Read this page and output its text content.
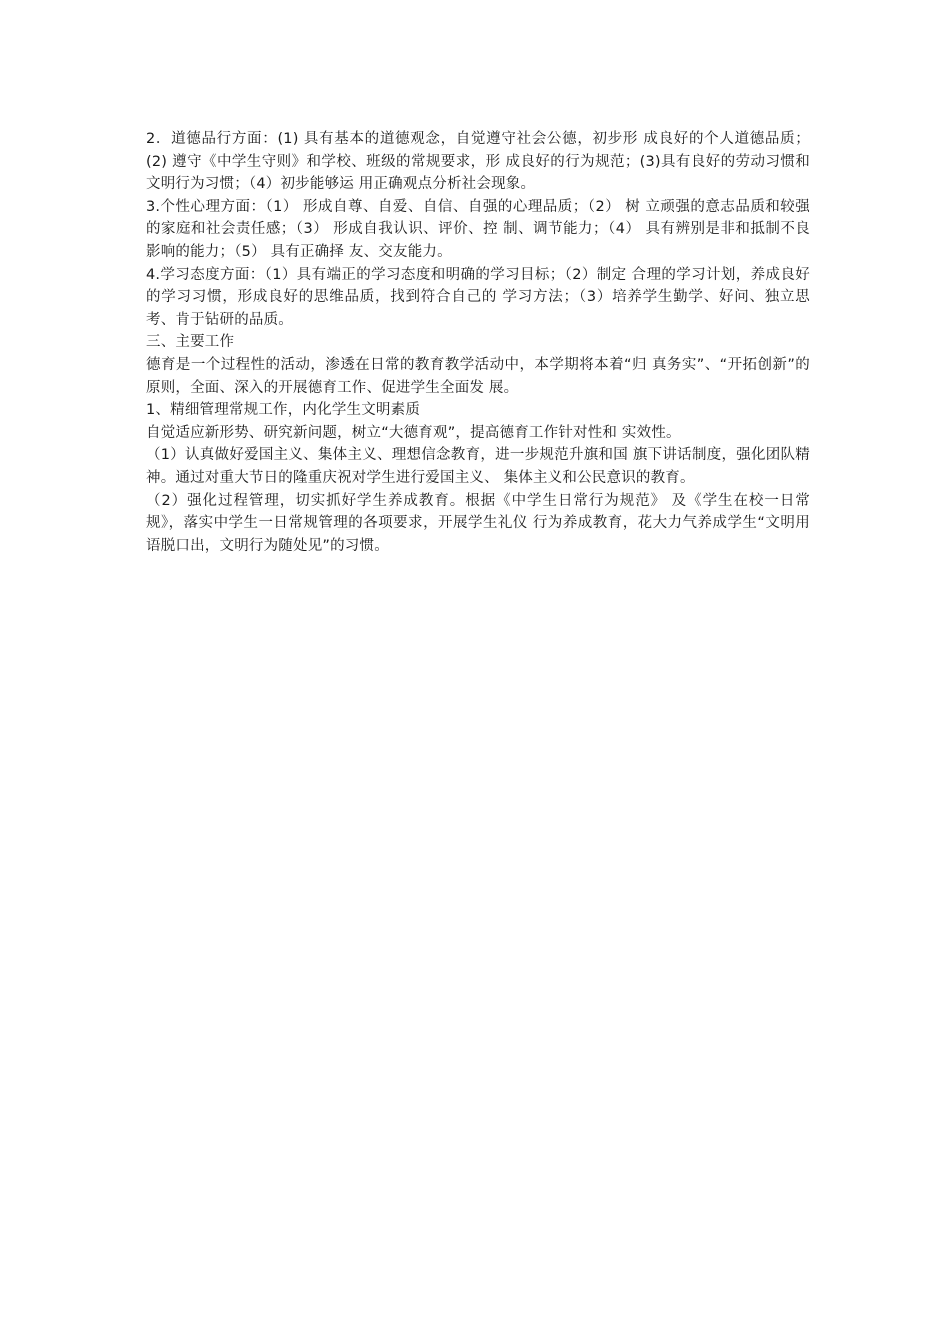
2．道德品行方面：(1) 具有基本的道德观念，自觉遵守社会公德，初步形 成良好的个人道德品质；(2) 遵守《中学生守则》和学校、班级的常规要求，形 成良好的行为规范；(3)具有良好的劳动习惯和文明行为习惯；（4）初步能够运 用正确观点分析社会现象。

3.个性心理方面：（1） 形成自尊、自爱、自信、自强的心理品质；（2） 树 立顽强的意志品质和较强的家庭和社会责任感；（3） 形成自我认识、评价、控 制、调节能力；（4） 具有辨别是非和抵制不良影响的能力；（5） 具有正确择 友、交友能力。

4.学习态度方面：（1）具有端正的学习态度和明确的学习目标；（2）制定 合理的学习计划，养成良好的学习习惯，形成良好的思维品质，找到符合自己的 学习方法；（3）培养学生勤学、好问、独立思考、肯于钻研的品质。

三、主要工作

德育是一个过程性的活动，渗透在日常的教育教学活动中，本学期将本着“归 真务实”、“开拓创新”的原则，全面、深入的开展德育工作、促进学生全面发 展。

1、精细管理常规工作，内化学生文明素质

自觉适应新形势、研究新问题，树立“大德育观”，提高德育工作针对性和 实效性。

（1）认真做好爱国主义、集体主义、理想信念教育，进一步规范升旗和国 旗下讲话制度，强化团队精神。通过对重大节日的隆重庆祝对学生进行爱国主义、 集体主义和公民意识的教育。

（2）强化过程管理，切实抓好学生养成教育。根据《中学生日常行为规范》 及《学生在校一日常规》，落实中学生一日常规管理的各项要求，开展学生礼仪 行为养成教育，花大力气养成学生“文明用语脱口出，文明行为随处见”的习惯。
